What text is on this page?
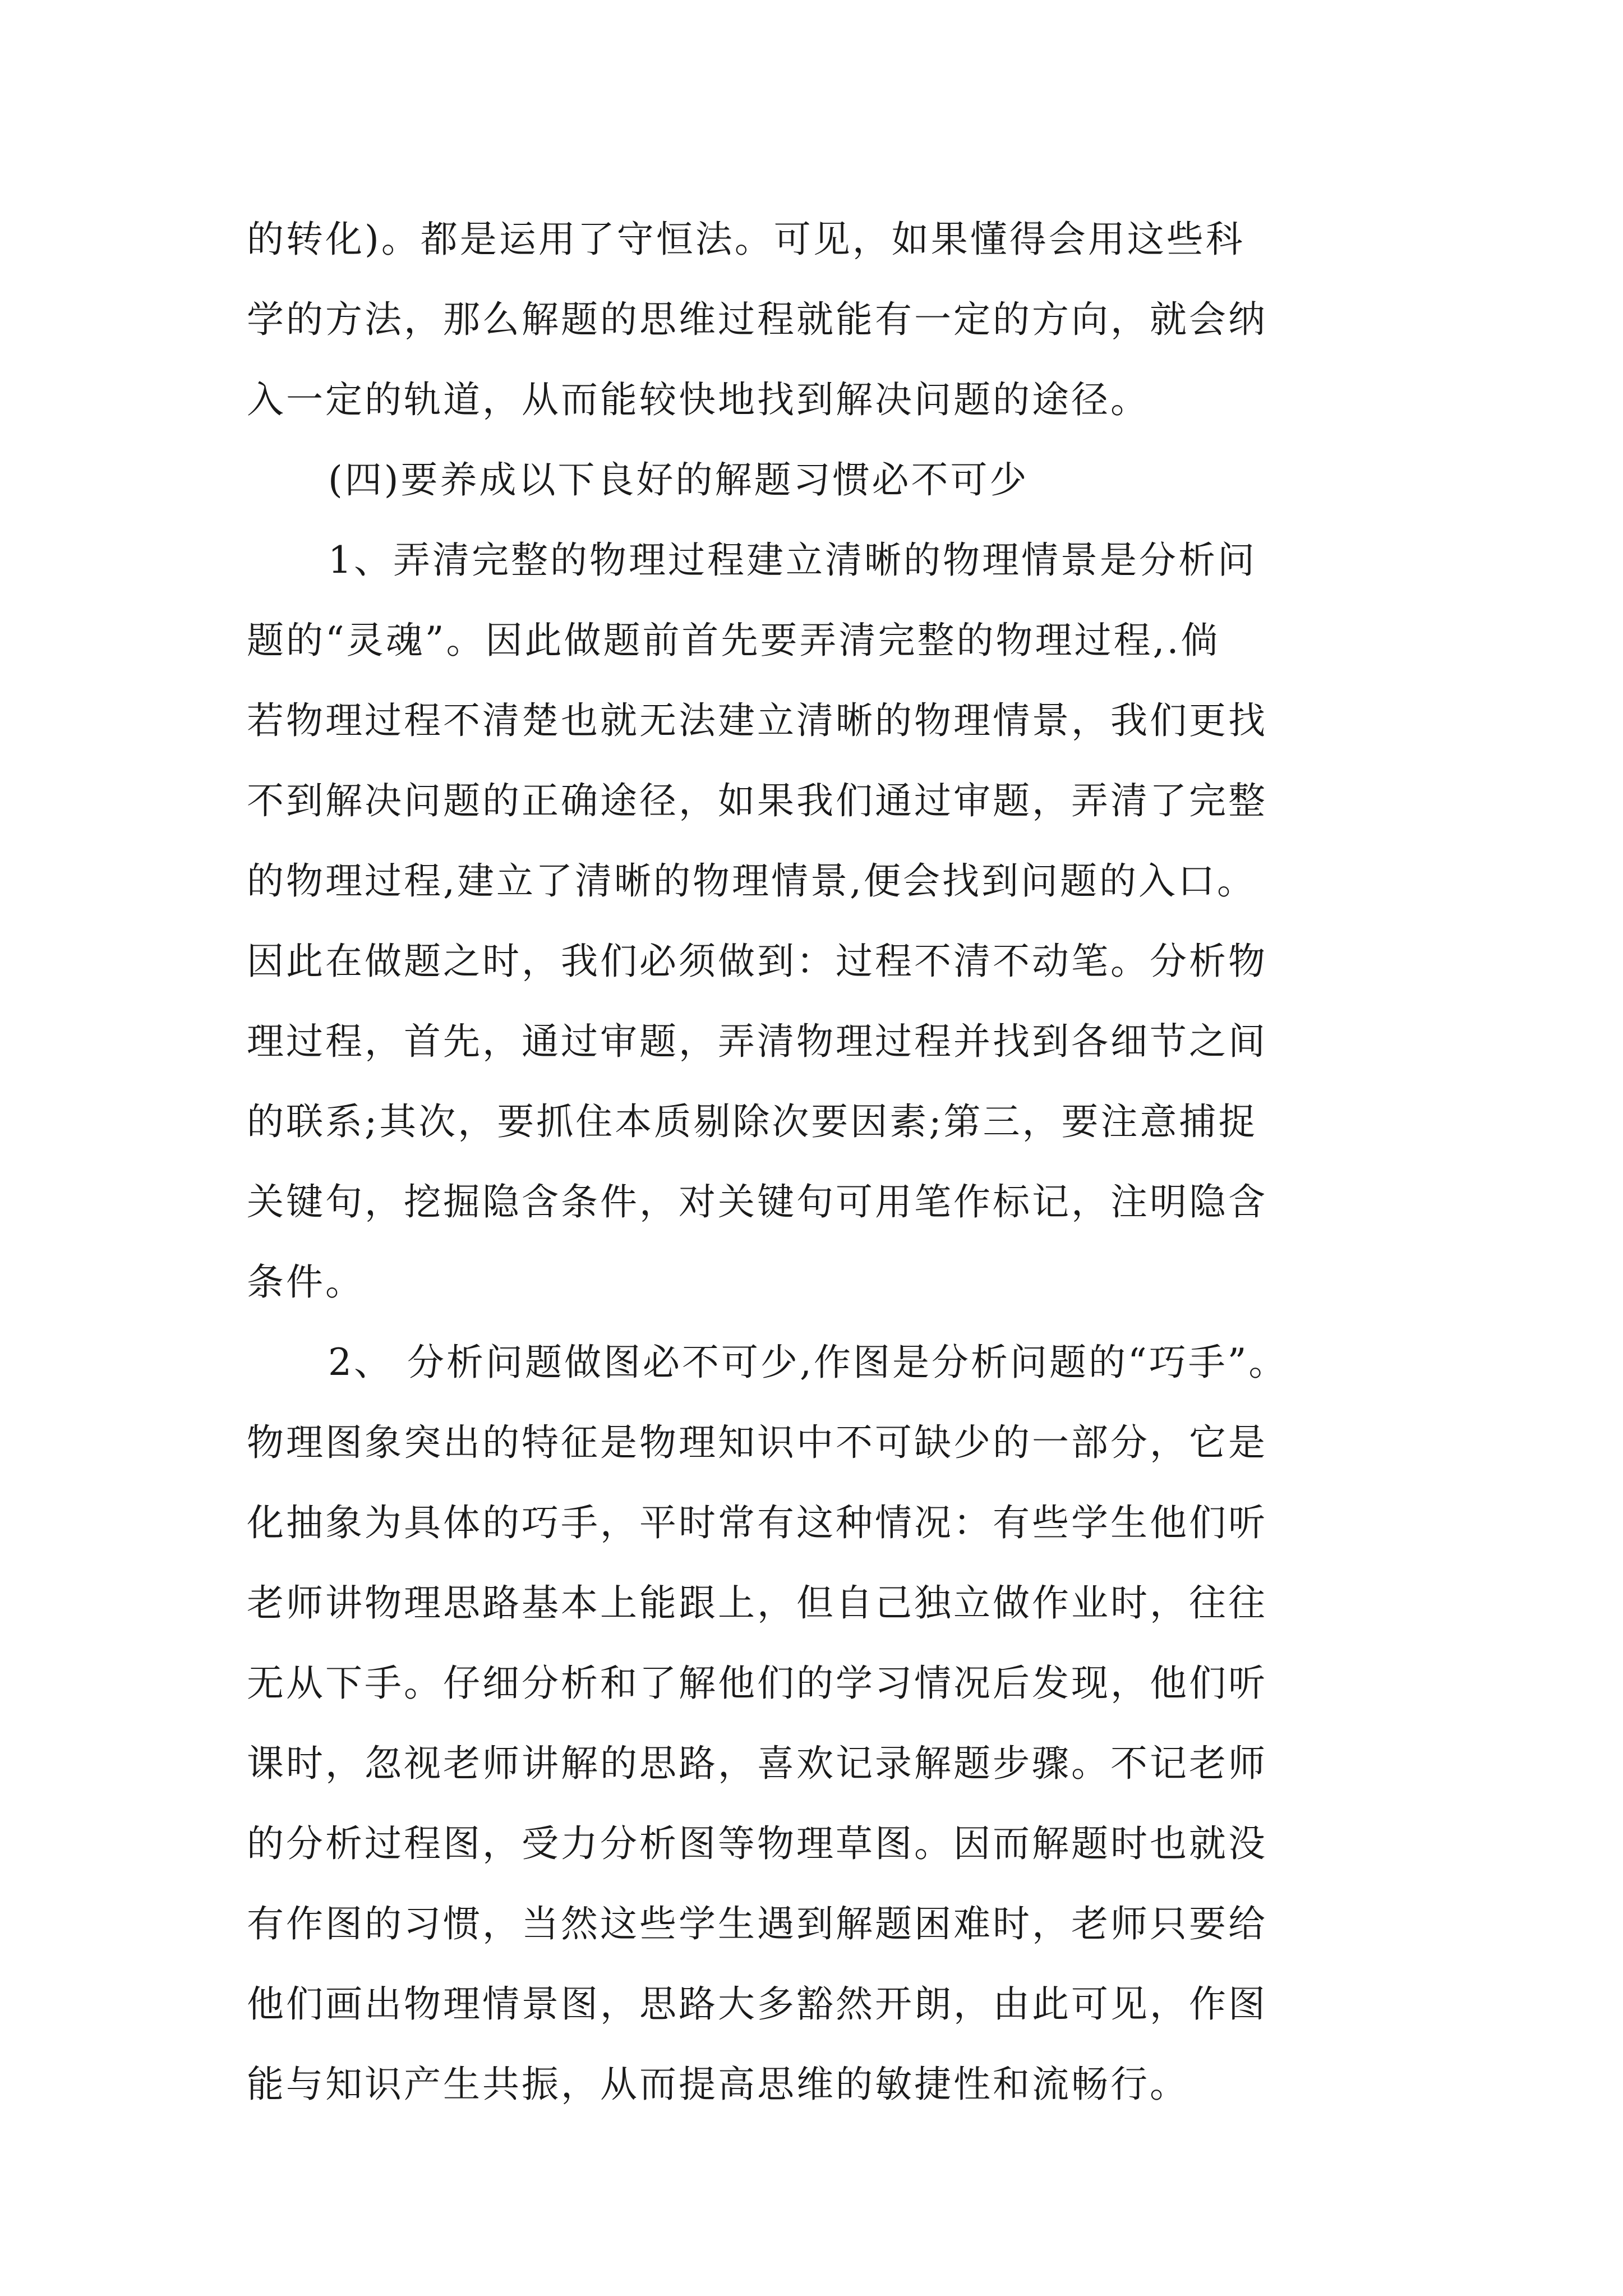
的转化)。都是运用了守恒法。可见，如果懂得会用这些科
学的方法，那么解题的思维过程就能有一定的方向，就会纳
入一定的轨道，从而能较快地找到解决问题的途径。
(四)要养成以下良好的解题习惯必不可少
1、弄清完整的物理过程建立清晰的物理情景是分析问
题的“灵魂”。因此做题前首先要弄清完整的物理过程,.倘
若物理过程不清楚也就无法建立清晰的物理情景，我们更找
不到解决问题的正确途径，如果我们通过审题，弄清了完整
的物理过程,建立了清晰的物理情景,便会找到问题的入口。
因此在做题之时，我们必须做到：过程不清不动笔。分析物
理过程，首先，通过审题，弄清物理过程并找到各细节之间
的联系;其次，要抓住本质剔除次要因素;第三，要注意捕捉
关键句，挖掘隐含条件，对关键句可用笔作标记，注明隐含
条件。
2、 分析问题做图必不可少,作图是分析问题的“巧手”。
物理图象突出的特征是物理知识中不可缺少的一部分，它是
化抽象为具体的巧手，平时常有这种情况：有些学生他们听
老师讲物理思路基本上能跟上，但自己独立做作业时，往往
无从下手。仔细分析和了解他们的学习情况后发现，他们听
课时，忽视老师讲解的思路，喜欢记录解题步骤。不记老师
的分析过程图，受力分析图等物理草图。因而解题时也就没
有作图的习惯，当然这些学生遇到解题困难时，老师只要给
他们画出物理情景图，思路大多豁然开朗，由此可见，作图
能与知识产生共振，从而提高思维的敏捷性和流畅行。
